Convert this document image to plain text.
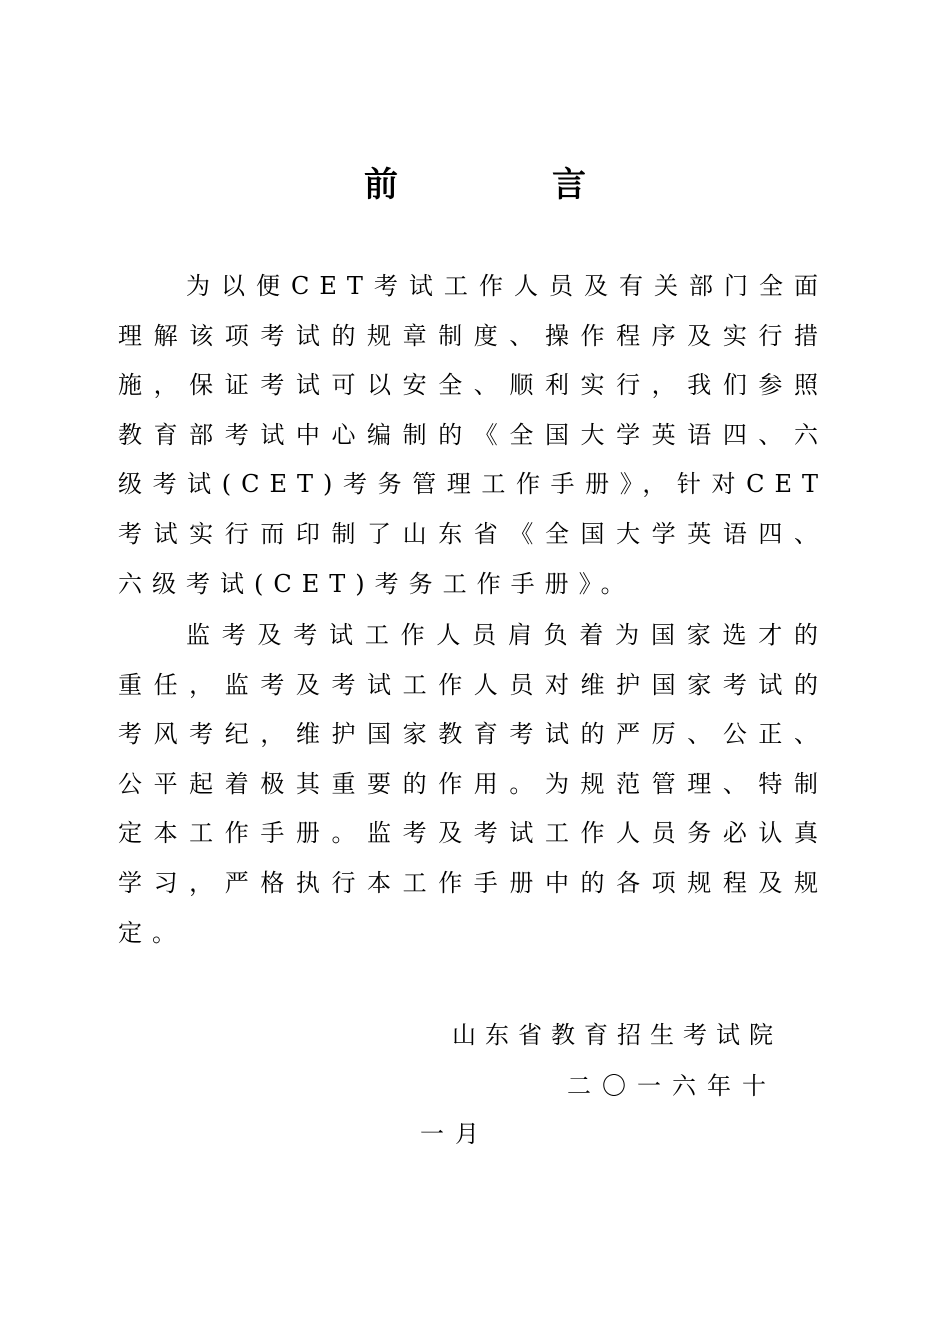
前　言

为以便CET考试工作人员及有关部门全面理解该项考试的规章制度、操作程序及实行措施，保证考试可以安全、顺利实行，我们参照教育部考试中心编制的《全国大学英语四、六级考试(CET)考务管理工作手册》，针对CET考试实行而印制了山东省《全国大学英语四、六级考试(CET)考务工作手册》。

监考及考试工作人员肩负着为国家选才的重任，监考及考试工作人员对维护国家考试的考风考纪，维护国家教育考试的严厉、公正、公平起着极其重要的作用。为规范管理、特制定本工作手册。监考及考试工作人员务必认真学习，严格执行本工作手册中的各项规程及规定。

山东省教育招生考试院

二〇一六年十

一月
